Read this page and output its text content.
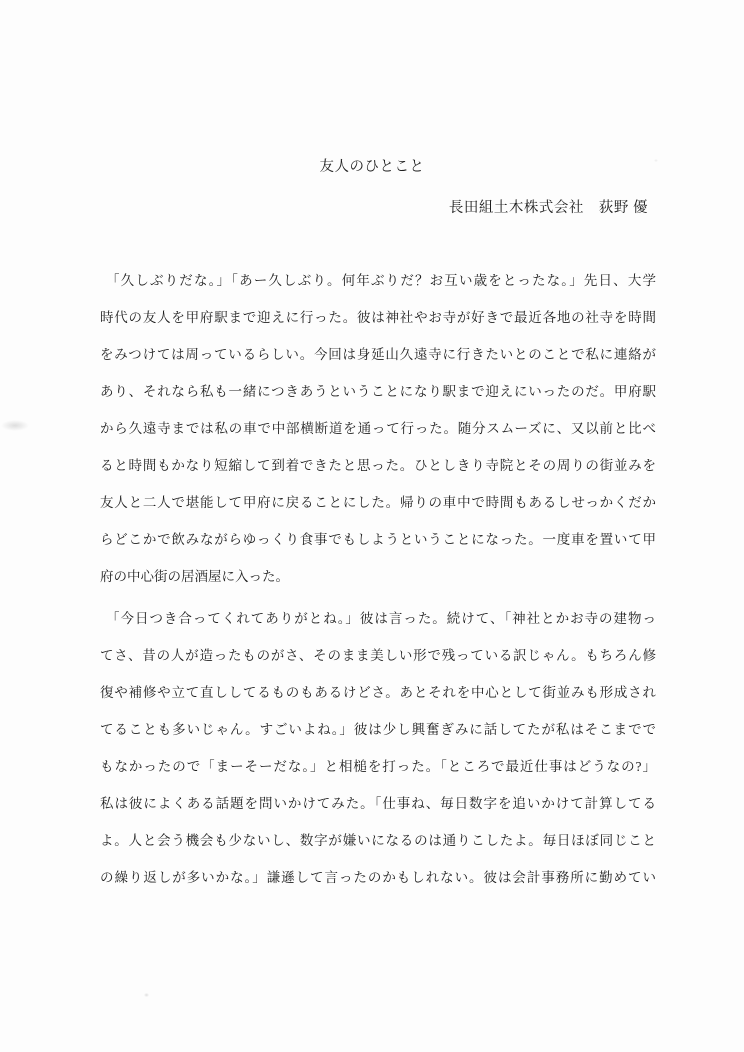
友人のひとこと
長田組土木株式会社　荻野 優
「久しぶりだな。」「あー久しぶり。何年ぶりだ？お互い歳をとったな。」先日、大学
時代の友人を甲府駅まで迎えに行った。彼は神社やお寺が好きで最近各地の社寺を時間
をみつけては周っているらしい。今回は身延山久遠寺に行きたいとのことで私に連絡が
あり、それなら私も一緒につきあうということになり駅まで迎えにいったのだ。甲府駅
から久遠寺までは私の車で中部横断道を通って行った。随分スムーズに、又以前と比べ
ると時間もかなり短縮して到着できたと思った。ひとしきり寺院とその周りの街並みを
友人と二人で堪能して甲府に戻ることにした。帰りの車中で時間もあるしせっかくだか
らどこかで飲みながらゆっくり食事でもしようということになった。一度車を置いて甲
府の中心街の居酒屋に入った。
「今日つき合ってくれてありがとね。」彼は言った。続けて、「神社とかお寺の建物っ
てさ、昔の人が造ったものがさ、そのまま美しい形で残っている訳じゃん。もちろん修
復や補修や立て直ししてるものもあるけどさ。あとそれを中心として街並みも形成され
てることも多いじゃん。すごいよね。」彼は少し興奮ぎみに話してたが私はそこまでで
もなかったので「まーそーだな。」と相槌を打った。「ところで最近仕事はどうなの?」
私は彼によくある話題を問いかけてみた。「仕事ね、毎日数字を追いかけて計算してる
よ。人と会う機会も少ないし、数字が嫌いになるのは通りこしたよ。毎日ほぼ同じこと
の繰り返しが多いかな。」謙遜して言ったのかもしれない。彼は会計事務所に勤めてい
